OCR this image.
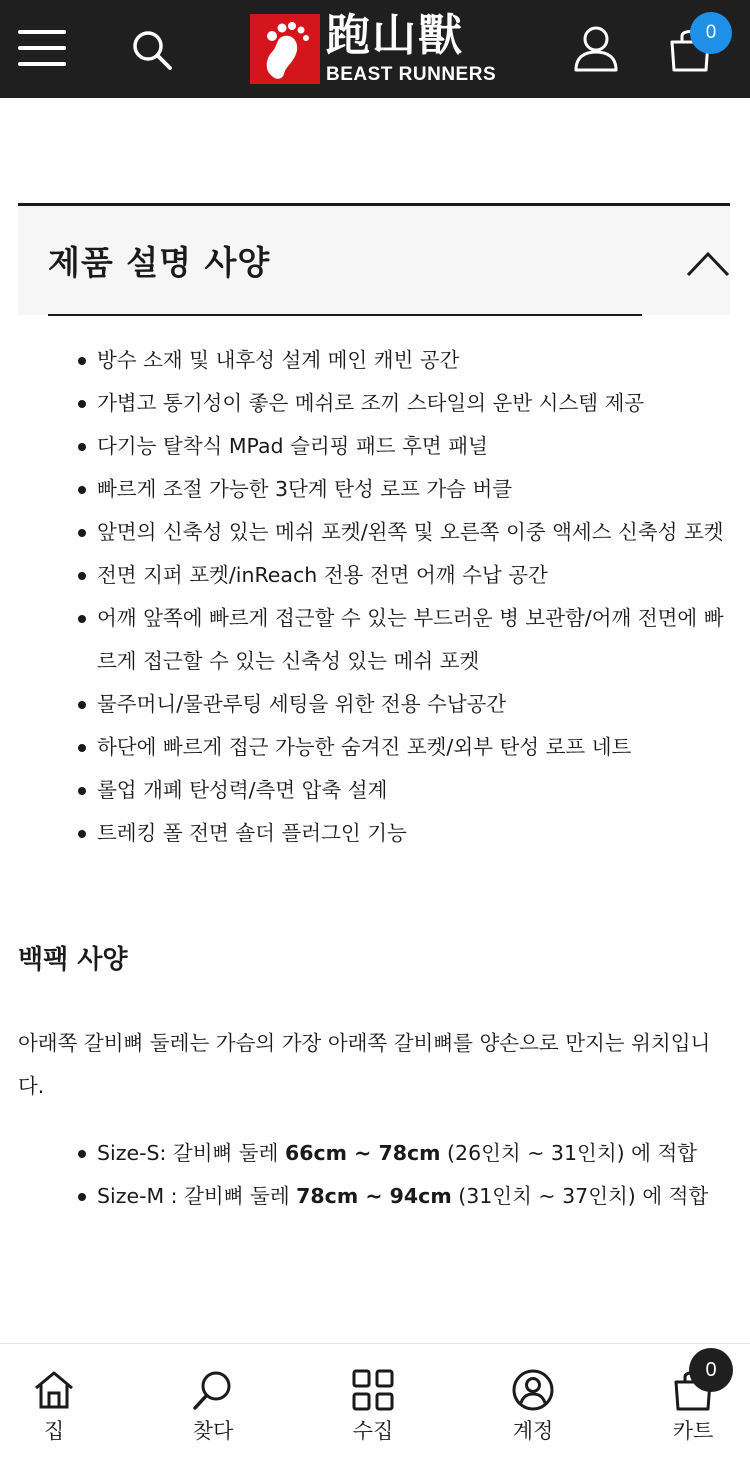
跑山獸
BEAST RUNNERS
0
제품 설명 사양
방수 소재 및 내후성 설계 메인 캐빈 공간
가볍고 통기성이 좋은 메쉬로 조끼 스타일의 운반 시스템 제공
다기능 탈착식 MPad 슬리핑 패드 후면 패널
빠르게 조절 가능한 3단계 탄성 로프 가슴 버클
앞면의 신축성 있는 메쉬 포켓/왼쪽 및 오른쪽 이중 액세스 신축성 포켓
전면 지퍼 포켓/inReach 전용 전면 어깨 수납 공간
어깨 앞쪽에 빠르게 접근할 수 있는 부드러운 병 보관함/어깨 전면에 빠르게 접근할 수 있는 신축성 있는 메쉬 포켓
물주머니/물관루팅 세팅을 위한 전용 수납공간
하단에 빠르게 접근 가능한 숨겨진 포켓/외부 탄성 로프 네트
롤업 개폐 탄성력/측면 압축 설계
트레킹 폴 전면 숄더 플러그인 기능
백팩 사양
아래쪽 갈비뼈 둘레는 가슴의 가장 아래쪽 갈비뼈를 양손으로 만지는 위치입니다.
Size-S: 갈비뼈 둘레 66cm ~ 78cm (26인치 ~ 31인치) 에 적합
Size-M : 갈비뼈 둘레 78cm ~ 94cm (31인치 ~ 37인치) 에 적합
집	찾다	수집	계정	카트
0
